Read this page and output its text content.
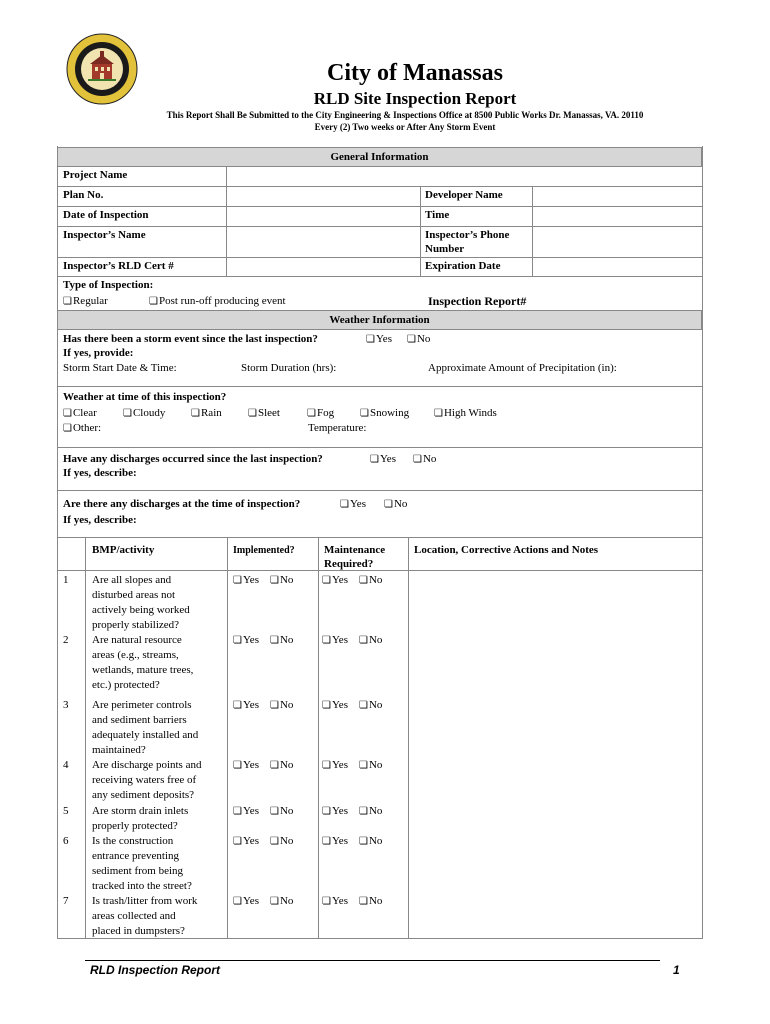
City of Manassas
RLD Site Inspection Report
This Report Shall Be Submitted to the City Engineering & Inspections Office at 8500 Public Works Dr. Manassas, VA. 20110
Every (2) Two weeks or After Any Storm Event
General Information
Project Name
Plan No.	Developer Name
Date of Inspection	Time
Inspector’s Name	Inspector’s Phone
Number
Inspector’s RLD Cert #	Expiration Date
Type of Inspection:
❏ Regular	❏ Post run-off producing event	Inspection Report#
Weather Information
Has there been a storm event since the last inspection?	❏ Yes	❏ No
If yes, provide:
Storm Start Date & Time:	Storm Duration (hrs):	Approximate Amount of Precipitation (in):
Weather at time of this inspection?
❏ Clear	❏ Cloudy	❏ Rain	❏ Sleet	❏ Fog	❏ Snowing	❏ High Winds
❏ Other:	Temperature:
Have any discharges occurred since the last inspection?	❏ Yes	❏ No
If yes, describe:
Are there any discharges at the time of inspection?	❏ Yes	❏ No
If yes, describe:
BMP/activity	Implemented?	Maintenance
Required?
Location, Corrective Actions and Notes
1 Are all slopes and
disturbed areas not
actively being worked
properly stabilized?
❏ Yes	❏ No	❏ Yes	❏ No
2 Are natural resource
areas (e.g., streams,
wetlands, mature trees,
etc.) protected?
❏ Yes	❏ No	❏ Yes	❏ No
3 Are perimeter controls
and sediment barriers
adequately installed and
maintained?
❏ Yes	❏ No	❏ Yes	❏ No
4 Are discharge points and
receiving waters free of
any sediment deposits?
❏ Yes	❏ No	❏ Yes	❏ No
5 Are storm drain inlets
properly protected?
❏ Yes	❏ No	❏ Yes	❏ No
6 Is the construction
entrance preventing
sediment from being
tracked into the street?
❏ Yes	❏ No	❏ Yes	❏ No
7 Is trash/litter from work
areas collected and
placed in dumpsters?
❏ Yes	❏ No	❏ Yes	❏ No
RLD Inspection Report	1
